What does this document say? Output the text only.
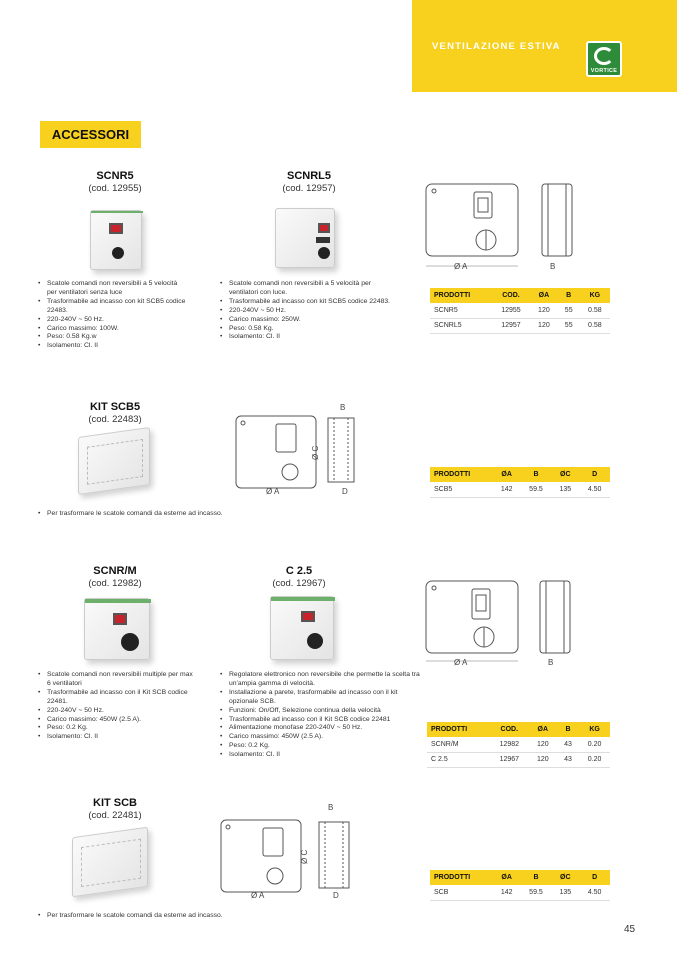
VENTILAZIONE ESTIVA
VORTICE
ACCESSORI
SCNR5
(cod. 12955)
SCNRL5
(cod. 12957)
• Scatole comandi non reversibili a 5 velocità per ventilatori senza luce
• Trasformabile ad incasso con kit SCB5 codice 22483.
• 220-240V ~ 50 Hz.
• Carico massimo: 100W.
• Peso: 0.58 Kg.w
• Isolamento: Cl. II
• Scatole comandi non reversibili a 5 velocità per ventilatori con luce.
• Trasformabile ad incasso con kit SCB5 codice 22483.
• 220-240V ~ 50 Hz.
• Carico massimo: 250W.
• Peso: 0.58 Kg.
• Isolamento: Cl. II
Ø A	B
PRODOTTI	COD.	ØA	B	KG
SCNR5	12955	120	55	0.58
SCNRL5	12957	120	55	0.58
KIT SCB5
(cod. 22483)
Ø A
B
Ø C
D
PRODOTTI	ØA	B	ØC	D
SCB5	142	59.5	135	4.50
• Per trasformare le scatole comandi da esterne ad incasso.
SCNR/M
(cod. 12982)
C 2.5
(cod. 12967)
• Scatole comandi non reversibili multiple per max 6 ventilatori
• Trasformabile ad incasso con il Kit SCB codice 22481.
• 220-240V ~ 50 Hz.
• Carico massimo: 450W (2.5 A).
• Peso: 0.2 Kg.
• Isolamento: Cl. II
• Regolatore elettronico non reversibile che permette la scelta tra un'ampia gamma di velocità.
• Installazione a parete, trasformabile ad incasso con il kit opzionale SCB.
• Funzioni: On/Off, Selezione continua della velocità
• Trasformabile ad incasso con il Kit SCB codice 22481
• Alimentazione monofase 220-240V ~ 50 Hz.
• Carico massimo: 450W (2.5 A).
• Peso: 0.2 Kg.
• Isolamento: Cl. II
Ø A	B
PRODOTTI	COD.	ØA	B	KG
SCNR/M	12982	120	43	0.20
C 2.5	12967	120	43	0.20
KIT SCB
(cod. 22481)
Ø A
B
Ø C
D
PRODOTTI	ØA	B	ØC	D
SCB	142	59.5	135	4.50
• Per trasformare le scatole comandi da esterne ad incasso.
45
